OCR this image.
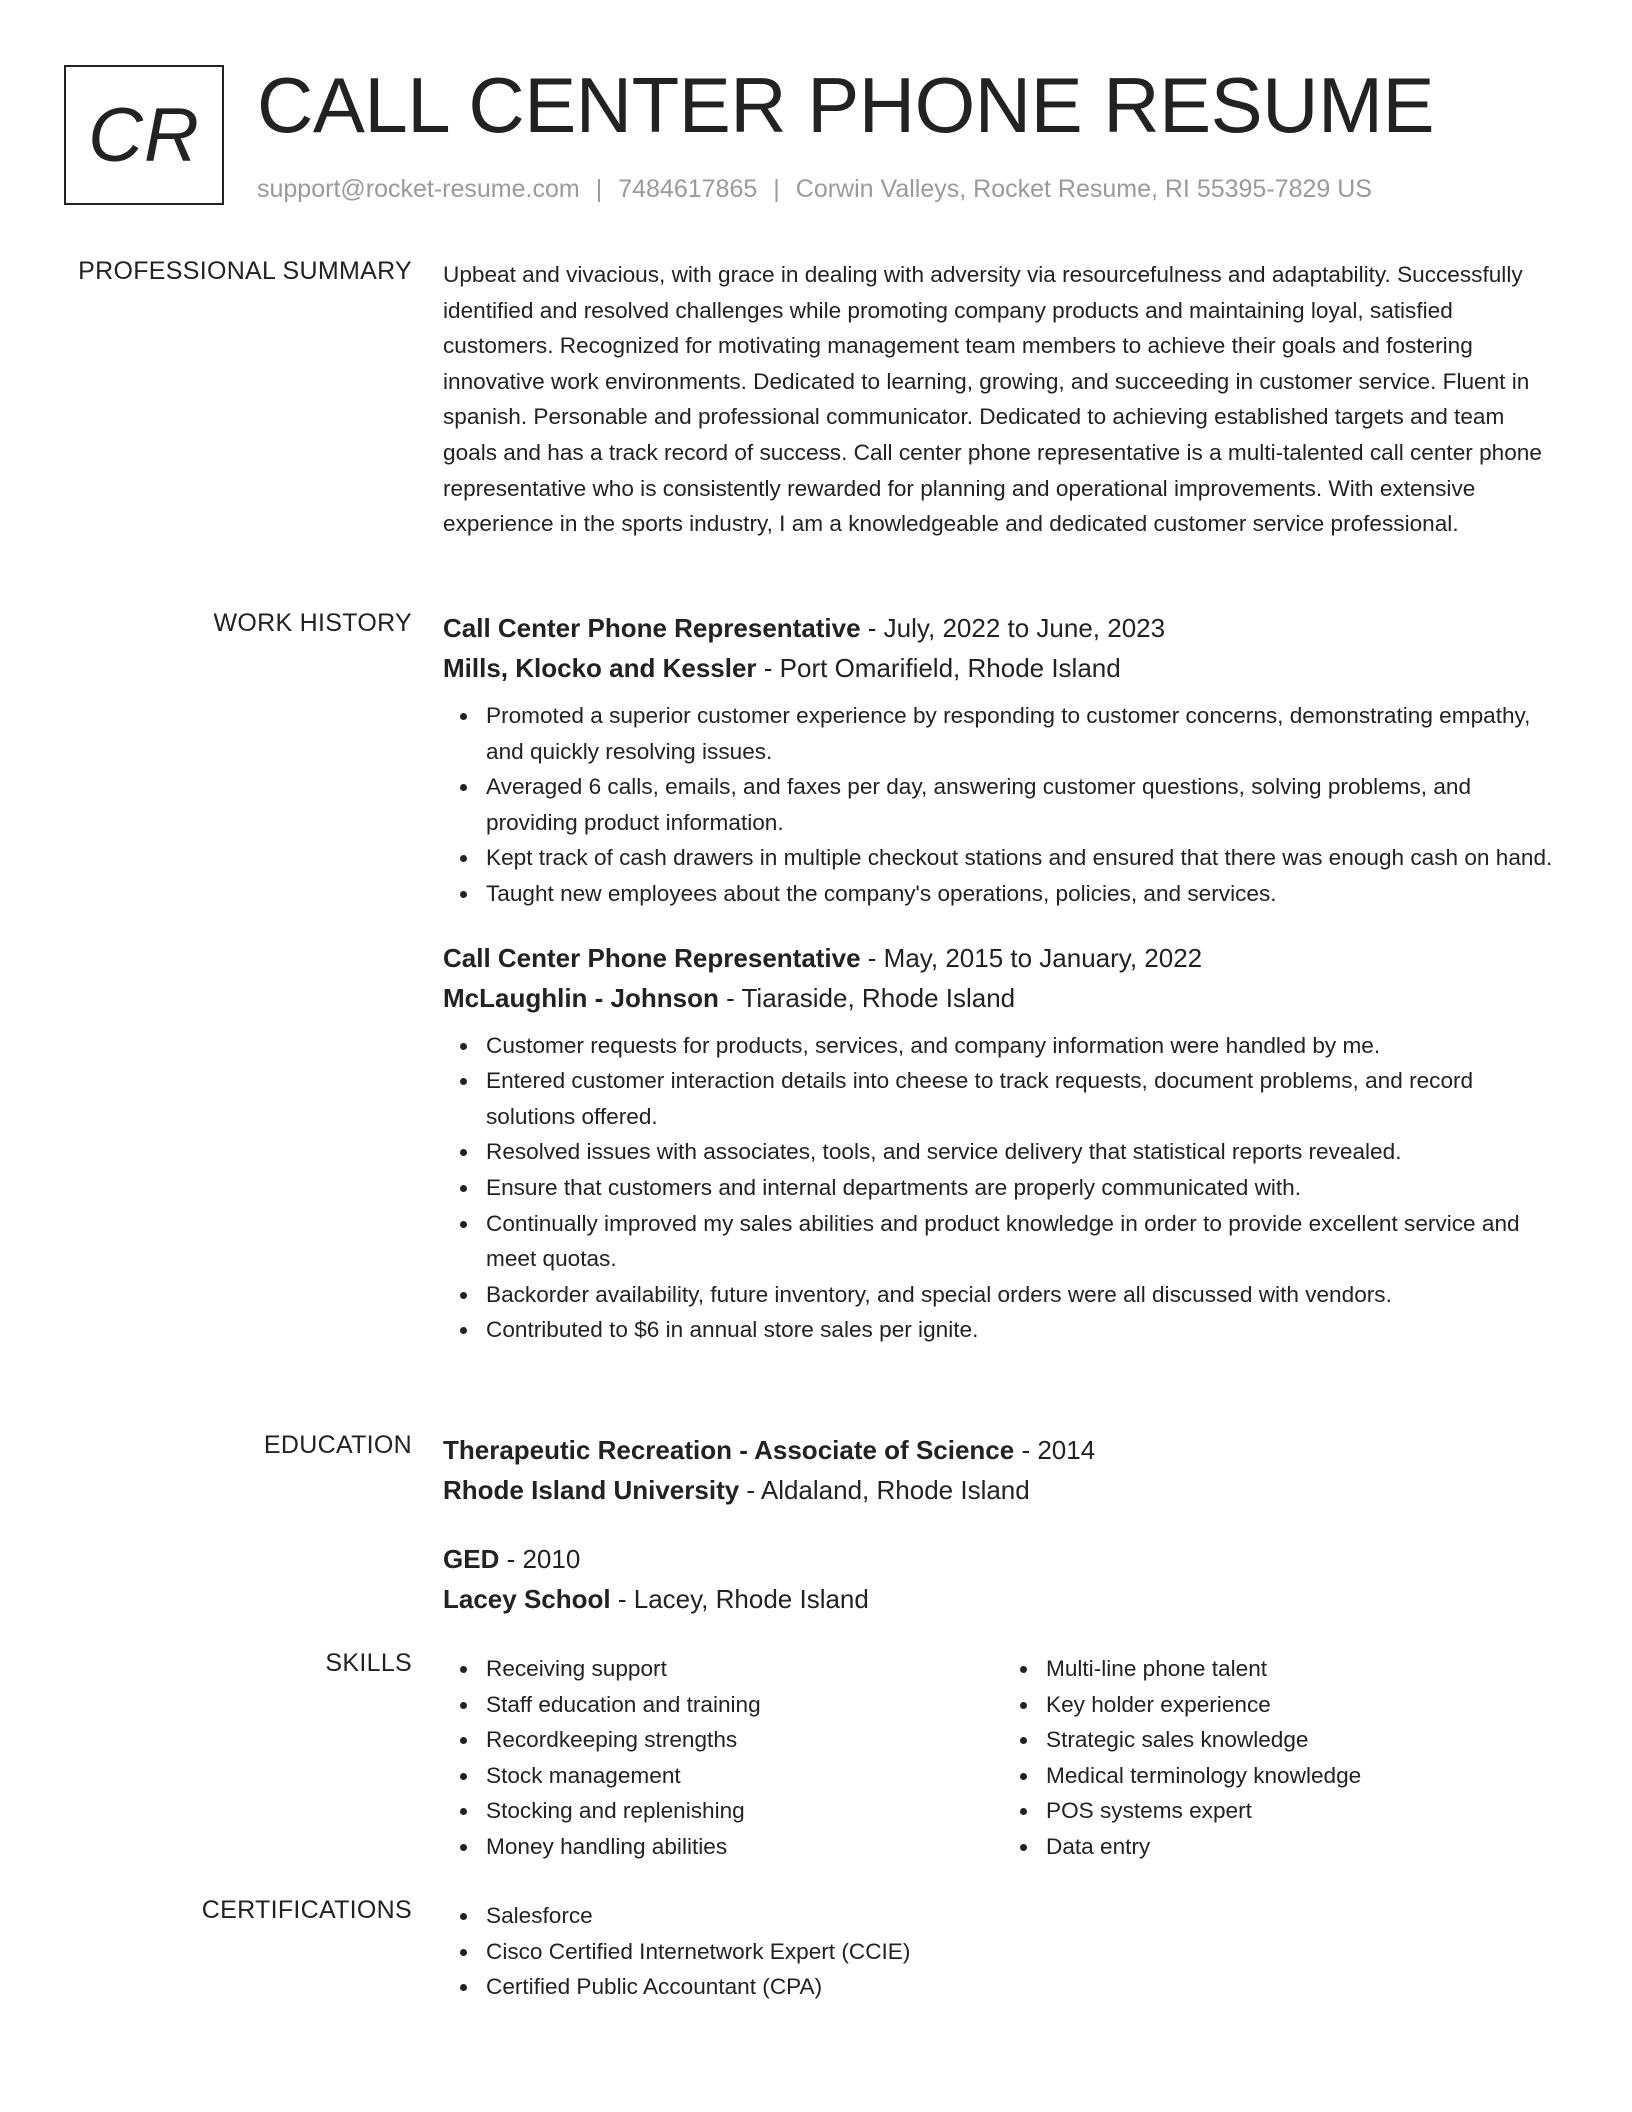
CR CALL CENTER PHONE RESUME
support@rocket-resume.com | 7484617865 | Corwin Valleys, Rocket Resume, RI 55395-7829 US
PROFESSIONAL SUMMARY Upbeat and vivacious, with grace in dealing with adversity via resourcefulness and adaptability. Successfully identified and resolved challenges while promoting company products and maintaining loyal, satisfied customers. Recognized for motivating management team members to achieve their goals and fostering innovative work environments. Dedicated to learning, growing, and succeeding in customer service. Fluent in spanish. Personable and professional communicator. Dedicated to achieving established targets and team goals and has a track record of success. Call center phone representative is a multi-talented call center phone representative who is consistently rewarded for planning and operational improvements. With extensive experience in the sports industry, I am a knowledgeable and dedicated customer service professional.

WORK HISTORY Call Center Phone Representative - July, 2022 to June, 2023
Mills, Klocko and Kessler - Port Omarifield, Rhode Island
Promoted a superior customer experience by responding to customer concerns, demonstrating empathy, and quickly resolving issues.
Averaged 6 calls, emails, and faxes per day, answering customer questions, solving problems, and providing product information.
Kept track of cash drawers in multiple checkout stations and ensured that there was enough cash on hand.
Taught new employees about the company's operations, policies, and services.
Call Center Phone Representative - May, 2015 to January, 2022
McLaughlin - Johnson - Tiaraside, Rhode Island
Customer requests for products, services, and company information were handled by me.
Entered customer interaction details into cheese to track requests, document problems, and record solutions offered.
Resolved issues with associates, tools, and service delivery that statistical reports revealed.
Ensure that customers and internal departments are properly communicated with.
Continually improved my sales abilities and product knowledge in order to provide excellent service and meet quotas.
Backorder availability, future inventory, and special orders were all discussed with vendors.
Contributed to $6 in annual store sales per ignite.
EDUCATION Therapeutic Recreation - Associate of Science - 2014
Rhode Island University - Aldaland, Rhode Island
GED - 2010
Lacey School - Lacey, Rhode Island
SKILLS	Receiving support
Staff education and training
Recordkeeping strengths
Stock management
Stocking and replenishing
Money handling abilities
Multi-line phone talent
Key holder experience
Strategic sales knowledge
Medical terminology knowledge
POS systems expert
Data entry
CERTIFICATIONS	Salesforce
Cisco Certified Internetwork Expert (CCIE)
Certified Public Accountant (CPA)
